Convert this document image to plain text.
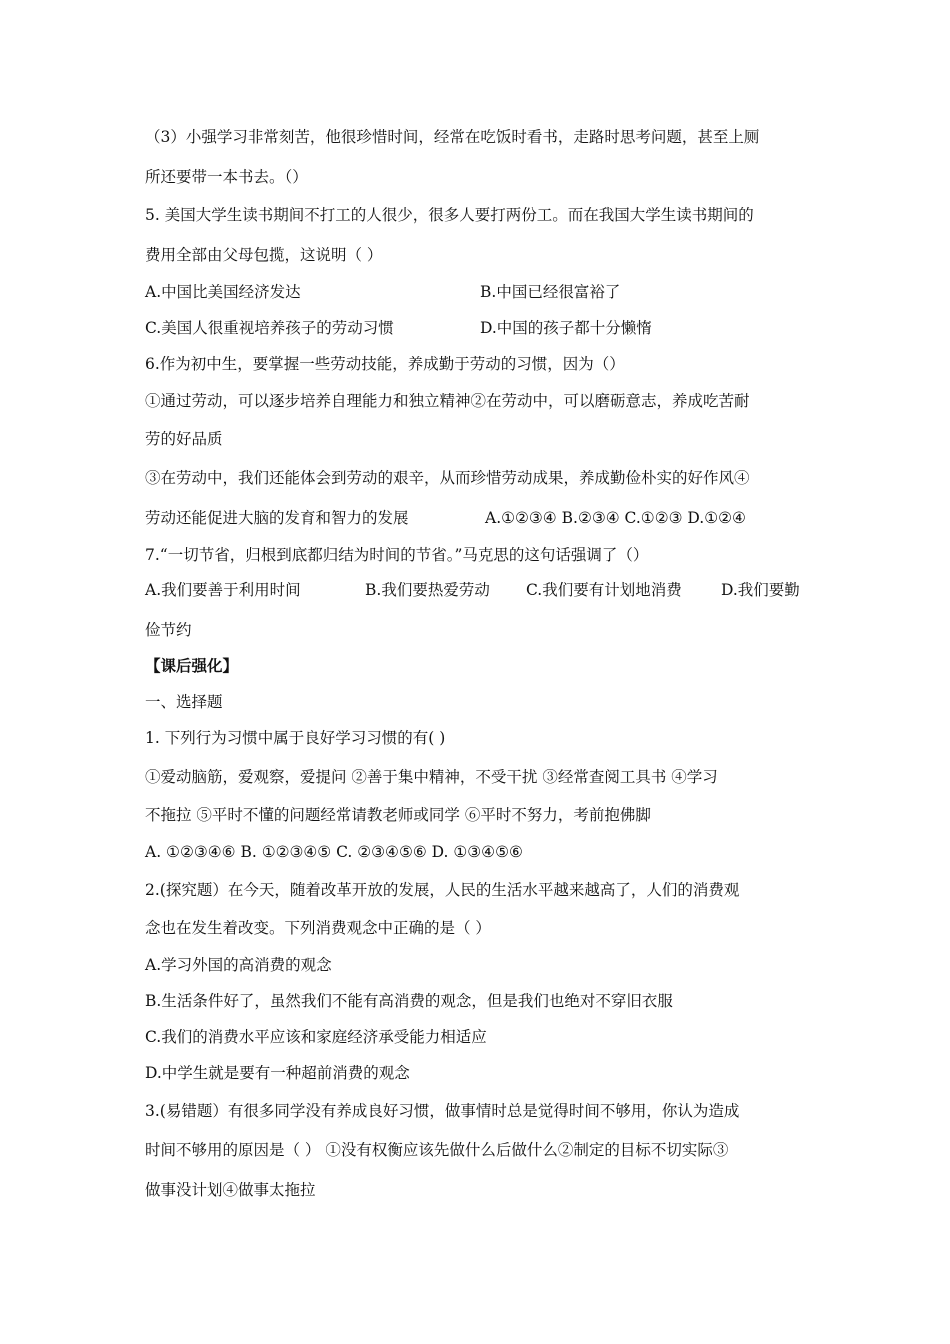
（3）小强学习非常刻苦，他很珍惜时间，经常在吃饭时看书，走路时思考问题，甚至上厕
所还要带一本书去。（）
5. 美国大学生读书期间不打工的人很少，很多人要打两份工。而在我国大学生读书期间的
费用全部由父母包揽，这说明（ ）
A.中国比美国经济发达	B.中国已经很富裕了
C.美国人很重视培养孩子的劳动习惯	D.中国的孩子都十分懒惰
6.作为初中生，要掌握一些劳动技能，养成勤于劳动的习惯，因为（）
①通过劳动，可以逐步培养自理能力和独立精神②在劳动中，可以磨砺意志，养成吃苦耐
劳的好品质
③在劳动中，我们还能体会到劳动的艰辛，从而珍惜劳动成果，养成勤俭朴实的好作风④
劳动还能促进大脑的发育和智力的发展	A.①②③④ B.②③④ C.①②③ D.①②④
7.“一切节省，归根到底都归结为时间的节省。”马克思的这句话强调了（）
A.我们要善于利用时间	B.我们要热爱劳动 C.我们要有计划地消费	D.我们要勤
俭节约
【课后强化】
一、选择题
1. 下列行为习惯中属于良好学习习惯的有( )
①爱动脑筋，爱观察，爱提问 ②善于集中精神，不受干扰 ③经常查阅工具书 ④学习
不拖拉 ⑤平时不懂的问题经常请教老师或同学 ⑥平时不努力，考前抱佛脚
A. ①②③④⑥ B. ①②③④⑤ C. ②③④⑤⑥ D. ①③④⑤⑥
2.(探究题）在今天，随着改革开放的发展，人民的生活水平越来越高了，人们的消费观
念也在发生着改变。下列消费观念中正确的是（ ）
A.学习外国的高消费的观念
B.生活条件好了，虽然我们不能有高消费的观念，但是我们也绝对不穿旧衣服
C.我们的消费水平应该和家庭经济承受能力相适应
D.中学生就是要有一种超前消费的观念
3.(易错题）有很多同学没有养成良好习惯，做事情时总是觉得时间不够用，你认为造成
时间不够用的原因是（ ） ①没有权衡应该先做什么后做什么②制定的目标不切实际③
做事没计划④做事太拖拉
